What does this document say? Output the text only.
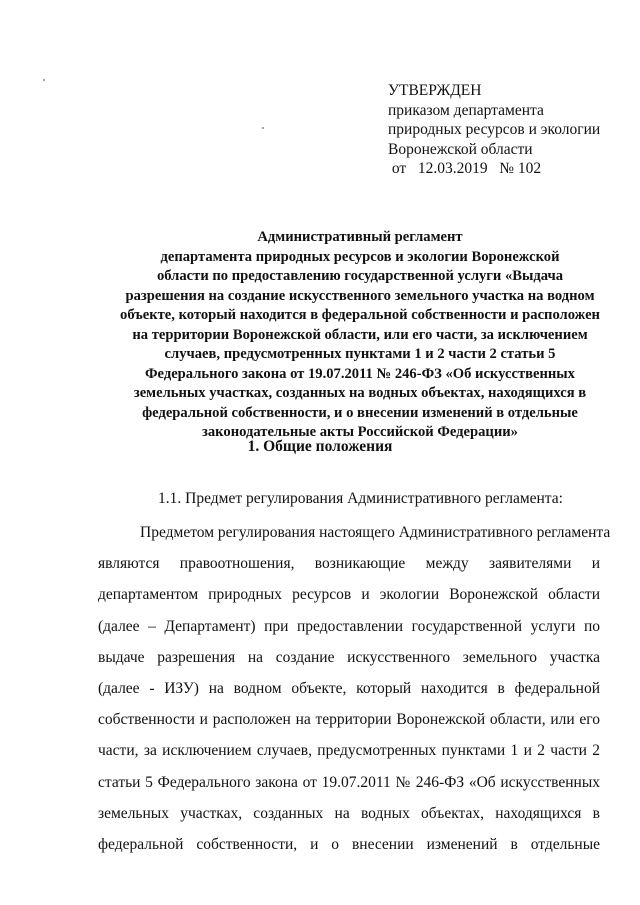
УТВЕРЖДЕН
приказом департамента
природных ресурсов и экологии
Воронежской области
от   12.03.2019   № 102
Административный регламент
департамента природных ресурсов и экологии Воронежской
области по предоставлению государственной услуги «Выдача
разрешения на создание искусственного земельного участка на водном
объекте, который находится в федеральной собственности и расположен
на территории Воронежской области, или его части, за исключением
случаев, предусмотренных пунктами 1 и 2 части 2 статьи 5
Федерального закона от 19.07.2011 № 246-ФЗ «Об искусственных
земельных участках, созданных на водных объектах, находящихся в
федеральной собственности, и о внесении изменений в отдельные
законодательные акты Российской Федерации»
1. Общие положения
1.1. Предмет регулирования Административного регламента:
Предметом регулирования настоящего Административного регламента
являются правоотношения, возникающие между заявителями и
департаментом природных ресурсов и экологии Воронежской области
(далее – Департамент) при предоставлении государственной услуги по
выдаче разрешения на создание искусственного земельного участка
(далее - ИЗУ) на водном объекте, который находится в федеральной
собственности и расположен на территории Воронежской области, или его
части, за исключением случаев, предусмотренных пунктами 1 и 2 части 2
статьи 5 Федерального закона от 19.07.2011 № 246-ФЗ «Об искусственных
земельных участках, созданных на водных объектах, находящихся в
федеральной собственности, и о внесении изменений в отдельные
